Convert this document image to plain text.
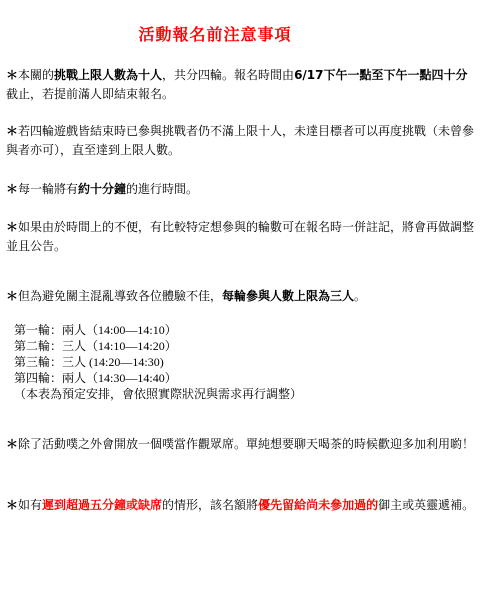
活動報名前注意事項
＊本關的挑戰上限人數為十人，共分四輪。報名時間由6/17下午一點至下午一點四十分截止，若提前滿人即結束報名。
＊若四輪遊戲皆結束時已參與挑戰者仍不滿上限十人，未達目標者可以再度挑戰（未曾參與者亦可），直至達到上限人數。
＊每一輪將有約十分鐘的進行時間。
＊如果由於時間上的不便，有比較特定想參與的輪數可在報名時一併註記，將會再做調整並且公告。
＊但為避免關主混亂導致各位體驗不佳，每輪參與人數上限為三人。
第一輪：兩人（14:00—14:10）
第二輪：三人（14:10—14:20）
第三輪：三人 (14:20—14:30)
第四輪：兩人（14:30—14:40）
（本表為預定安排，會依照實際狀況與需求再行調整）
＊除了活動噗之外會開放一個噗當作觀眾席。單純想要聊天喝茶的時候歡迎多加利用喲！
＊如有遲到超過五分鐘或缺席的情形，該名額將優先留給尚未參加過的御主或英靈遞補。
